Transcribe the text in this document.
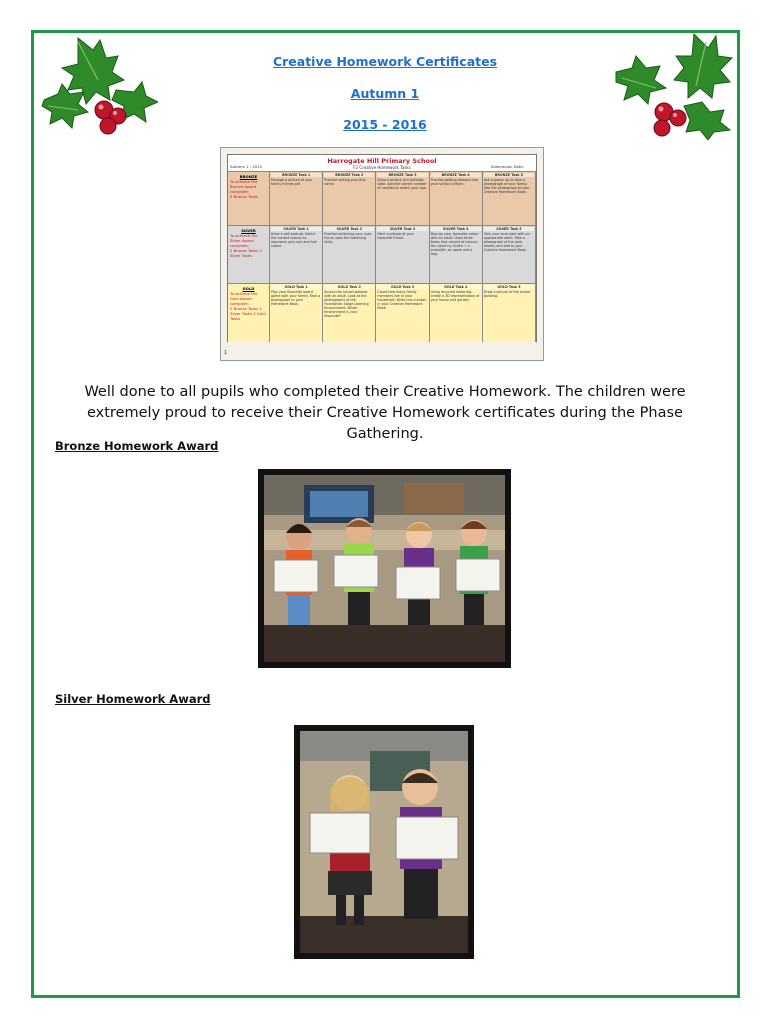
Creative Homework Certificates
Autumn 1
2015 - 2016
Harrogate Hill Primary School
F2 Creative Homework Tasks
Autumn 1 : 2015	Submission Date:
BRONZE
To achieve the Bronze Award complete:
3 Bronze Tasks
BRONZE Task 1
Manage a picture of your family friends pet
BRONZE Task 2
Practise writing your first name.
BRONZE Task 3
Draw a picture of a birthday cake. Add the correct number of candles to match your age.
BRONZE Task 4
Practise getting dressed into your school uniform.
BRONZE Task 5
Ask a grown up to take a photograph of your family. Add the photograph to your Creative Homework Book.
SILVER
To achieve the Silver Award complete:
2 Bronze Tasks 2 Silver Tasks
SILVER Task 1
Draw a self portrait. Select the correct colours to represent your eye and hair colour.
SILVER Task 2
Practise buttoning your coat. Focus upon the fastening skills.
SILVER Task 3
Paint a picture of your favourite friend.
SILVER Task 4
Discuss your favourite colour with an adult. Draw three items that consist of colours. You could try Green + a crocodile, an apple and a frog.
SILVER Task 5
Visit your local park with an appropriate adult. Take a photograph of the park nearby and add to your Creative Homework Book.
GOLD
To achieve the Gold Award complete:
2 Bronze Tasks 2 Silver Tasks 2 Gold Tasks
GOLD Task 1
Play your favourite board game with your family. Take a photograph to your Homework Book.
GOLD Task 2
Access the school website with an adult. Look at the photographs of the Foundation Stage Learning Environment. Which environment is your favourite?
GOLD Task 3
Count how many family members live in your household. Write this number in your Creative Homework Book.
GOLD Task 4
Using recycled materials, create a 3D representation of your house and garden.
GOLD Task 5
Draw a picture of the school building.
1
Well done to all pupils who completed their Creative Homework. The children were extremely proud to receive their Creative Homework certificates during the Phase Gathering.
Bronze Homework Award
Silver Homework Award
